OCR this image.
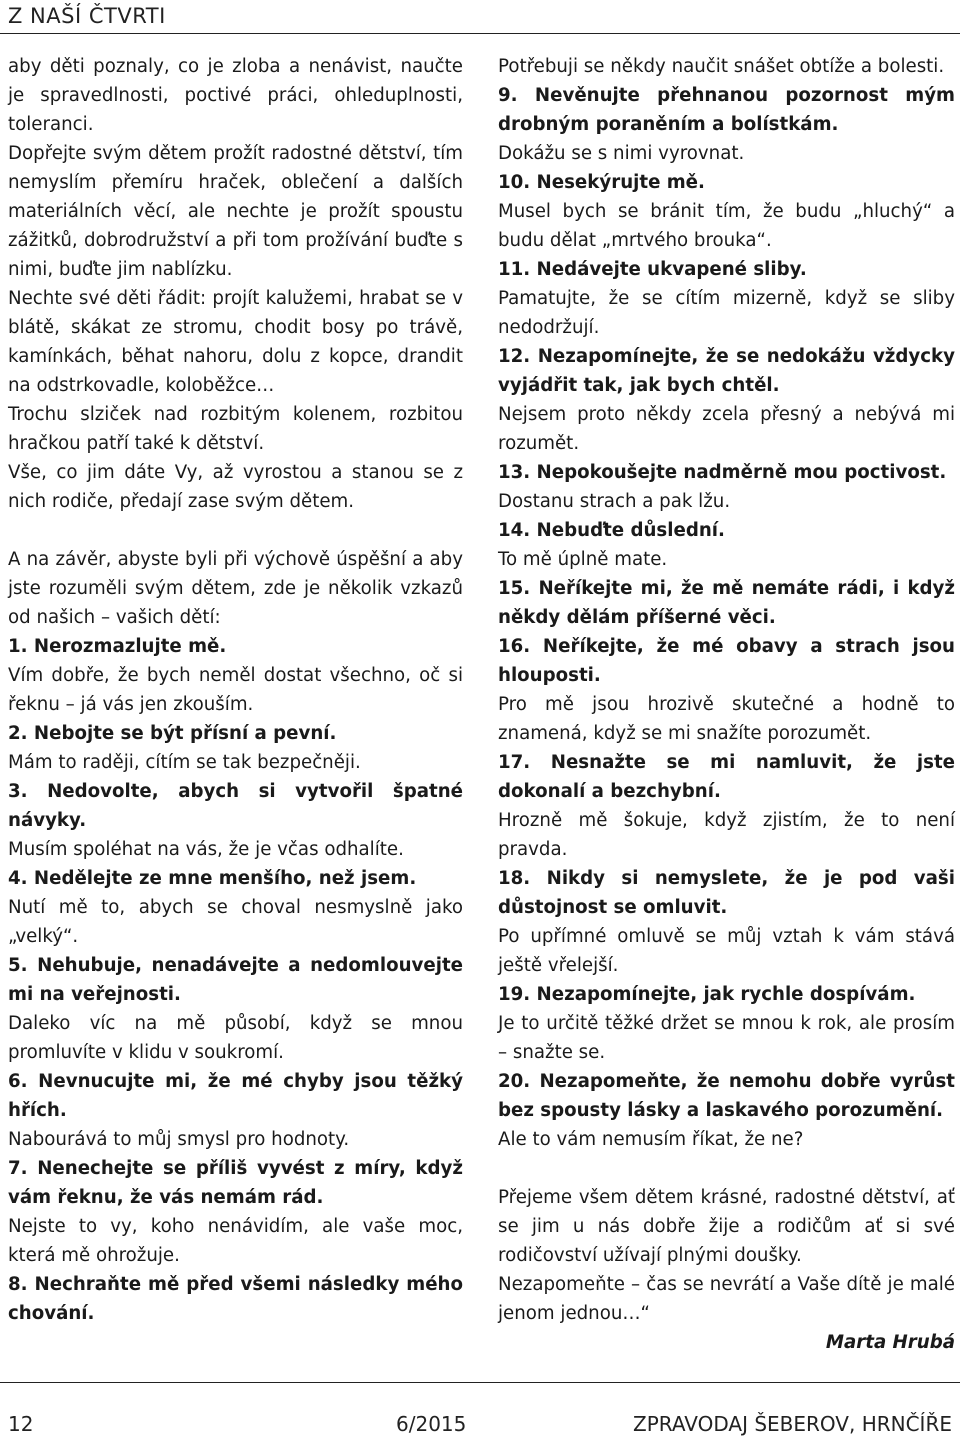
Z NAŠÍ ČTVRTI

aby děti poznaly, co je zloba a nenávist, naučte je spravedlnosti, poctivé práci, ohleduplnosti, toleranci.

Dopřejte svým dětem prožít radostné dětství, tím nemyslím přemíru hraček, oblečení a dalších materiálních věcí, ale nechte je prožít spoustu zážitků, dobrodružství a při tom prožívání buďte s nimi, buďte jim nablízku.

Nechte své děti řádit: projít kalužemi, hrabat se v blátě, skákat ze stromu, chodit bosy po trávě, kamínkách, běhat nahoru, dolu z kopce, drandit na odstrkovadle, koloběžce…

Trochu slziček nad rozbitým kolenem, rozbitou hračkou patří také k dětství.

Vše, co jim dáte Vy, až vyrostou a stanou se z nich rodiče, předají zase svým dětem.

A na závěr, abyste byli při výchově úspěšní a aby jste rozuměli svým dětem, zde je několik vzkazů od našich – vašich dětí:

1. Nerozmazlujte mě.

Vím dobře, že bych neměl dostat všechno, oč si řeknu – já vás jen zkouším.

2. Nebojte se být přísní a pevní.

Mám to raději, cítím se tak bezpečněji.

3. Nedovolte, abych si vytvořil špatné návyky.

Musím spoléhat na vás, že je včas odhalíte.

4. Nedělejte ze mne menšího, než jsem.

Nutí mě to, abych se choval nesmyslně jako „velký“.

5. Nehubuje, nenadávejte a nedomlouvejte mi na veřejnosti.

Daleko víc na mě působí, když se mnou promluvíte v klidu v soukromí.

6. Nevnucujte mi, že mé chyby jsou těžký hřích.

Nabourává to můj smysl pro hodnoty.

7. Nenechejte se příliš vyvést z míry, když vám řeknu, že vás nemám rád.

Nejste to vy, koho nenávidím, ale vaše moc, která mě ohrožuje.

8. Nechraňte mě před všemi následky mého chování.

Potřebuji se někdy naučit snášet obtíže a bolesti.

9. Nevěnujte přehnanou pozornost mým drobným poraněním a bolístkám.

Dokážu se s nimi vyrovnat.

10. Nesekýrujte mě.

Musel bych se bránit tím, že budu „hluchý“ a budu dělat „mrtvého brouka“.

11. Nedávejte ukvapené sliby.

Pamatujte, že se cítím mizerně, když se sliby nedodržují.

12. Nezapomínejte, že se nedokážu vždycky vyjádřit tak, jak bych chtěl.

Nejsem proto někdy zcela přesný a nebývá mi rozumět.

13. Nepokoušejte nadměrně mou poctivost.

Dostanu strach a pak lžu.

14. Nebuďte důslední.

To mě úplně mate.

15. Neříkejte mi, že mě nemáte rádi, i když někdy dělám příšerné věci.

16. Neříkejte, že mé obavy a strach jsou hlouposti.

Pro mě jsou hrozivě skutečné a hodně to znamená, když se mi snažíte porozumět.

17. Nesnažte se mi namluvit, že jste dokonalí a bezchybní.

Hrozně mě šokuje, když zjistím, že to není pravda.

18. Nikdy si nemyslete, že je pod vaši důstojnost se omluvit.

Po upřímné omluvě se můj vztah k vám stává ještě vřelejší.

19. Nezapomínejte, jak rychle dospívám.

Je to určitě těžké držet se mnou k rok, ale prosím – snažte se.

20. Nezapomeňte, že nemohu dobře vyrůst bez spousty lásky a laskavého porozumění.

Ale to vám nemusím říkat, že ne?

Přejeme všem dětem krásné, radostné dětství, ať se jim u nás dobře žije a rodičům ať si své rodičovství užívají plnými doušky.

Nezapomeňte – čas se nevrátí a Vaše dítě je malé jenom jednou…“

Marta Hrubá

12	6/2015	ZPRAVODAJ ŠEBEROV, HRNČÍŘE
